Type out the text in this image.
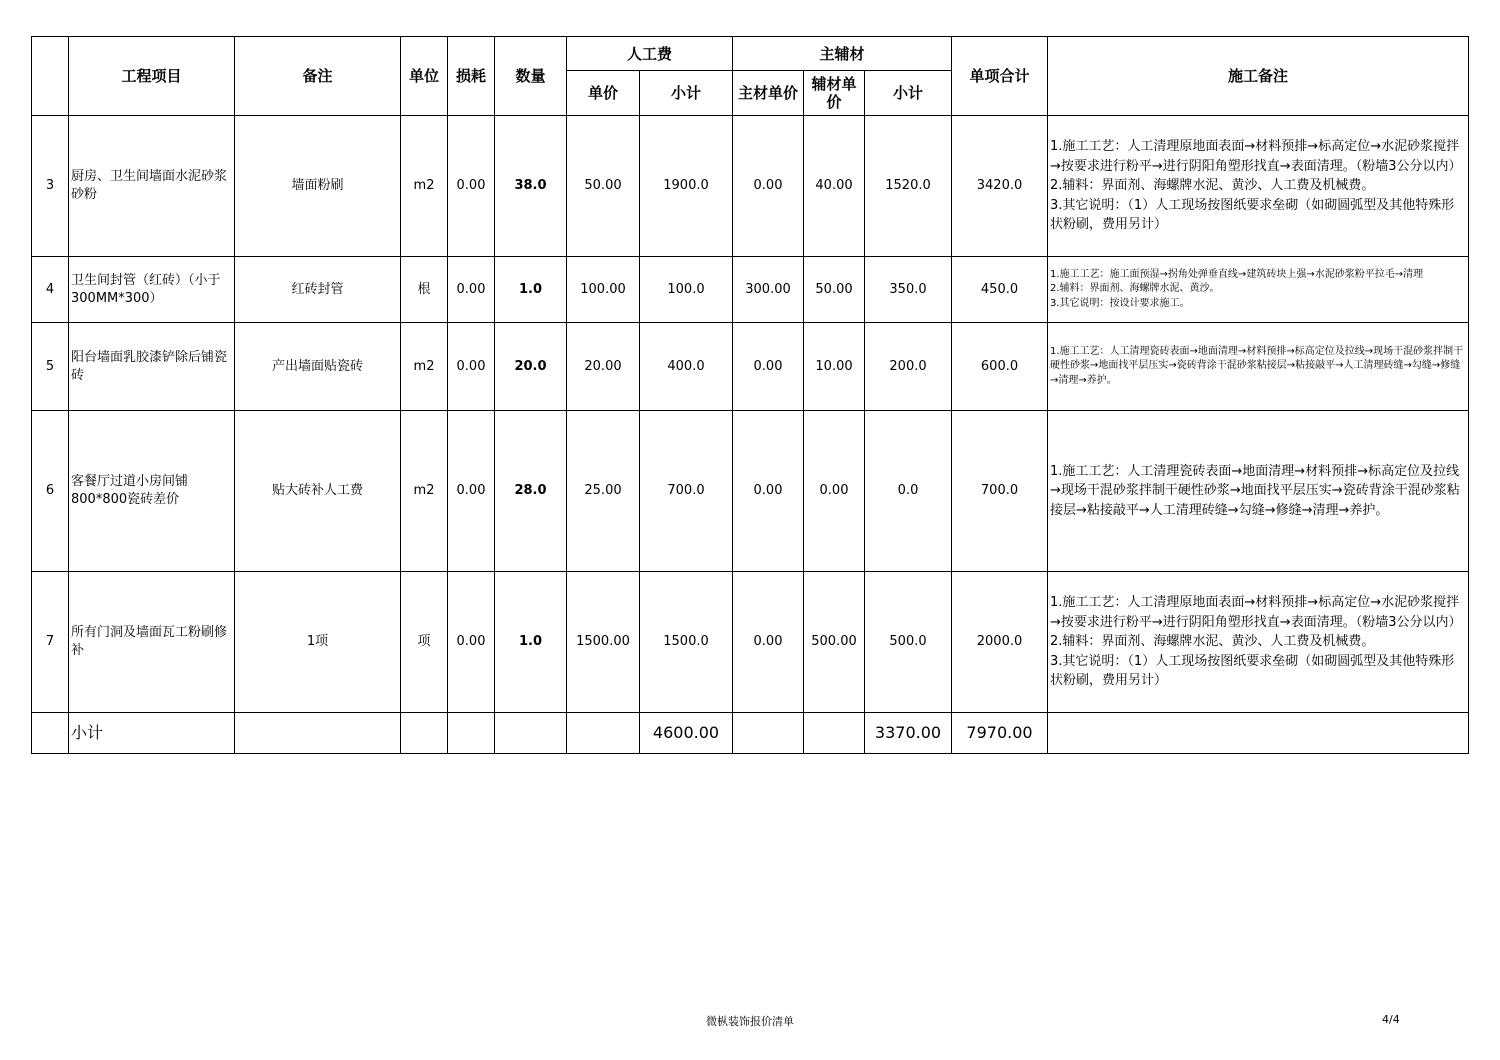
	工程项目	备注	单位	损耗	数量	人工费		主辅材			单项合计	施工备注
						单价	小计	主材单价	辅材单价	小计		
3	厨房、卫生间墙面水泥砂浆砂粉	墙面粉刷	m2	0.00	38.0	50.00	1900.0	0.00	40.00	1520.0	3420.0	1.施工工艺：人工清理原地面表面→材料预排→标高定位→水泥砂浆搅拌→按要求进行粉平→进行阴阳角塑形找直→表面清理。（粉墙3公分以内）
2.辅料：界面剂、海螺牌水泥、黄沙、人工费及机械费。
3.其它说明：（1）人工现场按图纸要求垒砌（如砌圆弧型及其他特殊形状粉刷，费用另计）

4	卫生间封管（红砖）（小于300MM*300）	红砖封管	根	0.00	1.0	100.00	100.0	300.00	50.00	350.0	450.0	1.施工工艺：施工面预湿→拐角处弹垂直线→建筑砖块上强→水泥砂浆粉平拉毛→清理
2.辅料：界面剂、海螺牌水泥、黄沙。
3.其它说明：按设计要求施工。

5	阳台墙面乳胶漆铲除后铺瓷砖	产出墙面贴瓷砖	m2	0.00	20.0	20.00	400.0	0.00	10.00	200.0	600.0	1.施工工艺：人工清理瓷砖表面→地面清理→材料预排→标高定位及拉线→现场干混砂浆拌制干硬性砂浆→地面找平层压实→瓷砖背涂干混砂浆粘接层→粘接敲平→人工清理砖缝→勾缝→修缝→清理→养护。

6	客餐厅过道小房间铺800*800瓷砖差价	贴大砖补人工费	m2	0.00	28.0	25.00	700.0	0.00	0.00	0.0	700.0	1.施工工艺：人工清理瓷砖表面→地面清理→材料预排→标高定位及拉线→现场干混砂浆拌制干硬性砂浆→地面找平层压实→瓷砖背涂干混砂浆粘接层→粘接敲平→人工清理砖缝→勾缝→修缝→清理→养护。

7	所有门洞及墙面瓦工粉刷修补	1项	项	0.00	1.0	1500.00	1500.0	0.00	500.00	500.0	2000.0	1.施工工艺：人工清理原地面表面→材料预排→标高定位→水泥砂浆搅拌→按要求进行粉平→进行阴阳角塑形找直→表面清理。（粉墙3公分以内）
2.辅料：界面剂、海螺牌水泥、黄沙、人工费及机械费。
3.其它说明：（1）人工现场按图纸要求垒砌（如砌圆弧型及其他特殊形状粉刷，费用另计）

	小计						4600.00			3370.00	7970.00	
微枞装饰报价清单	4/4
